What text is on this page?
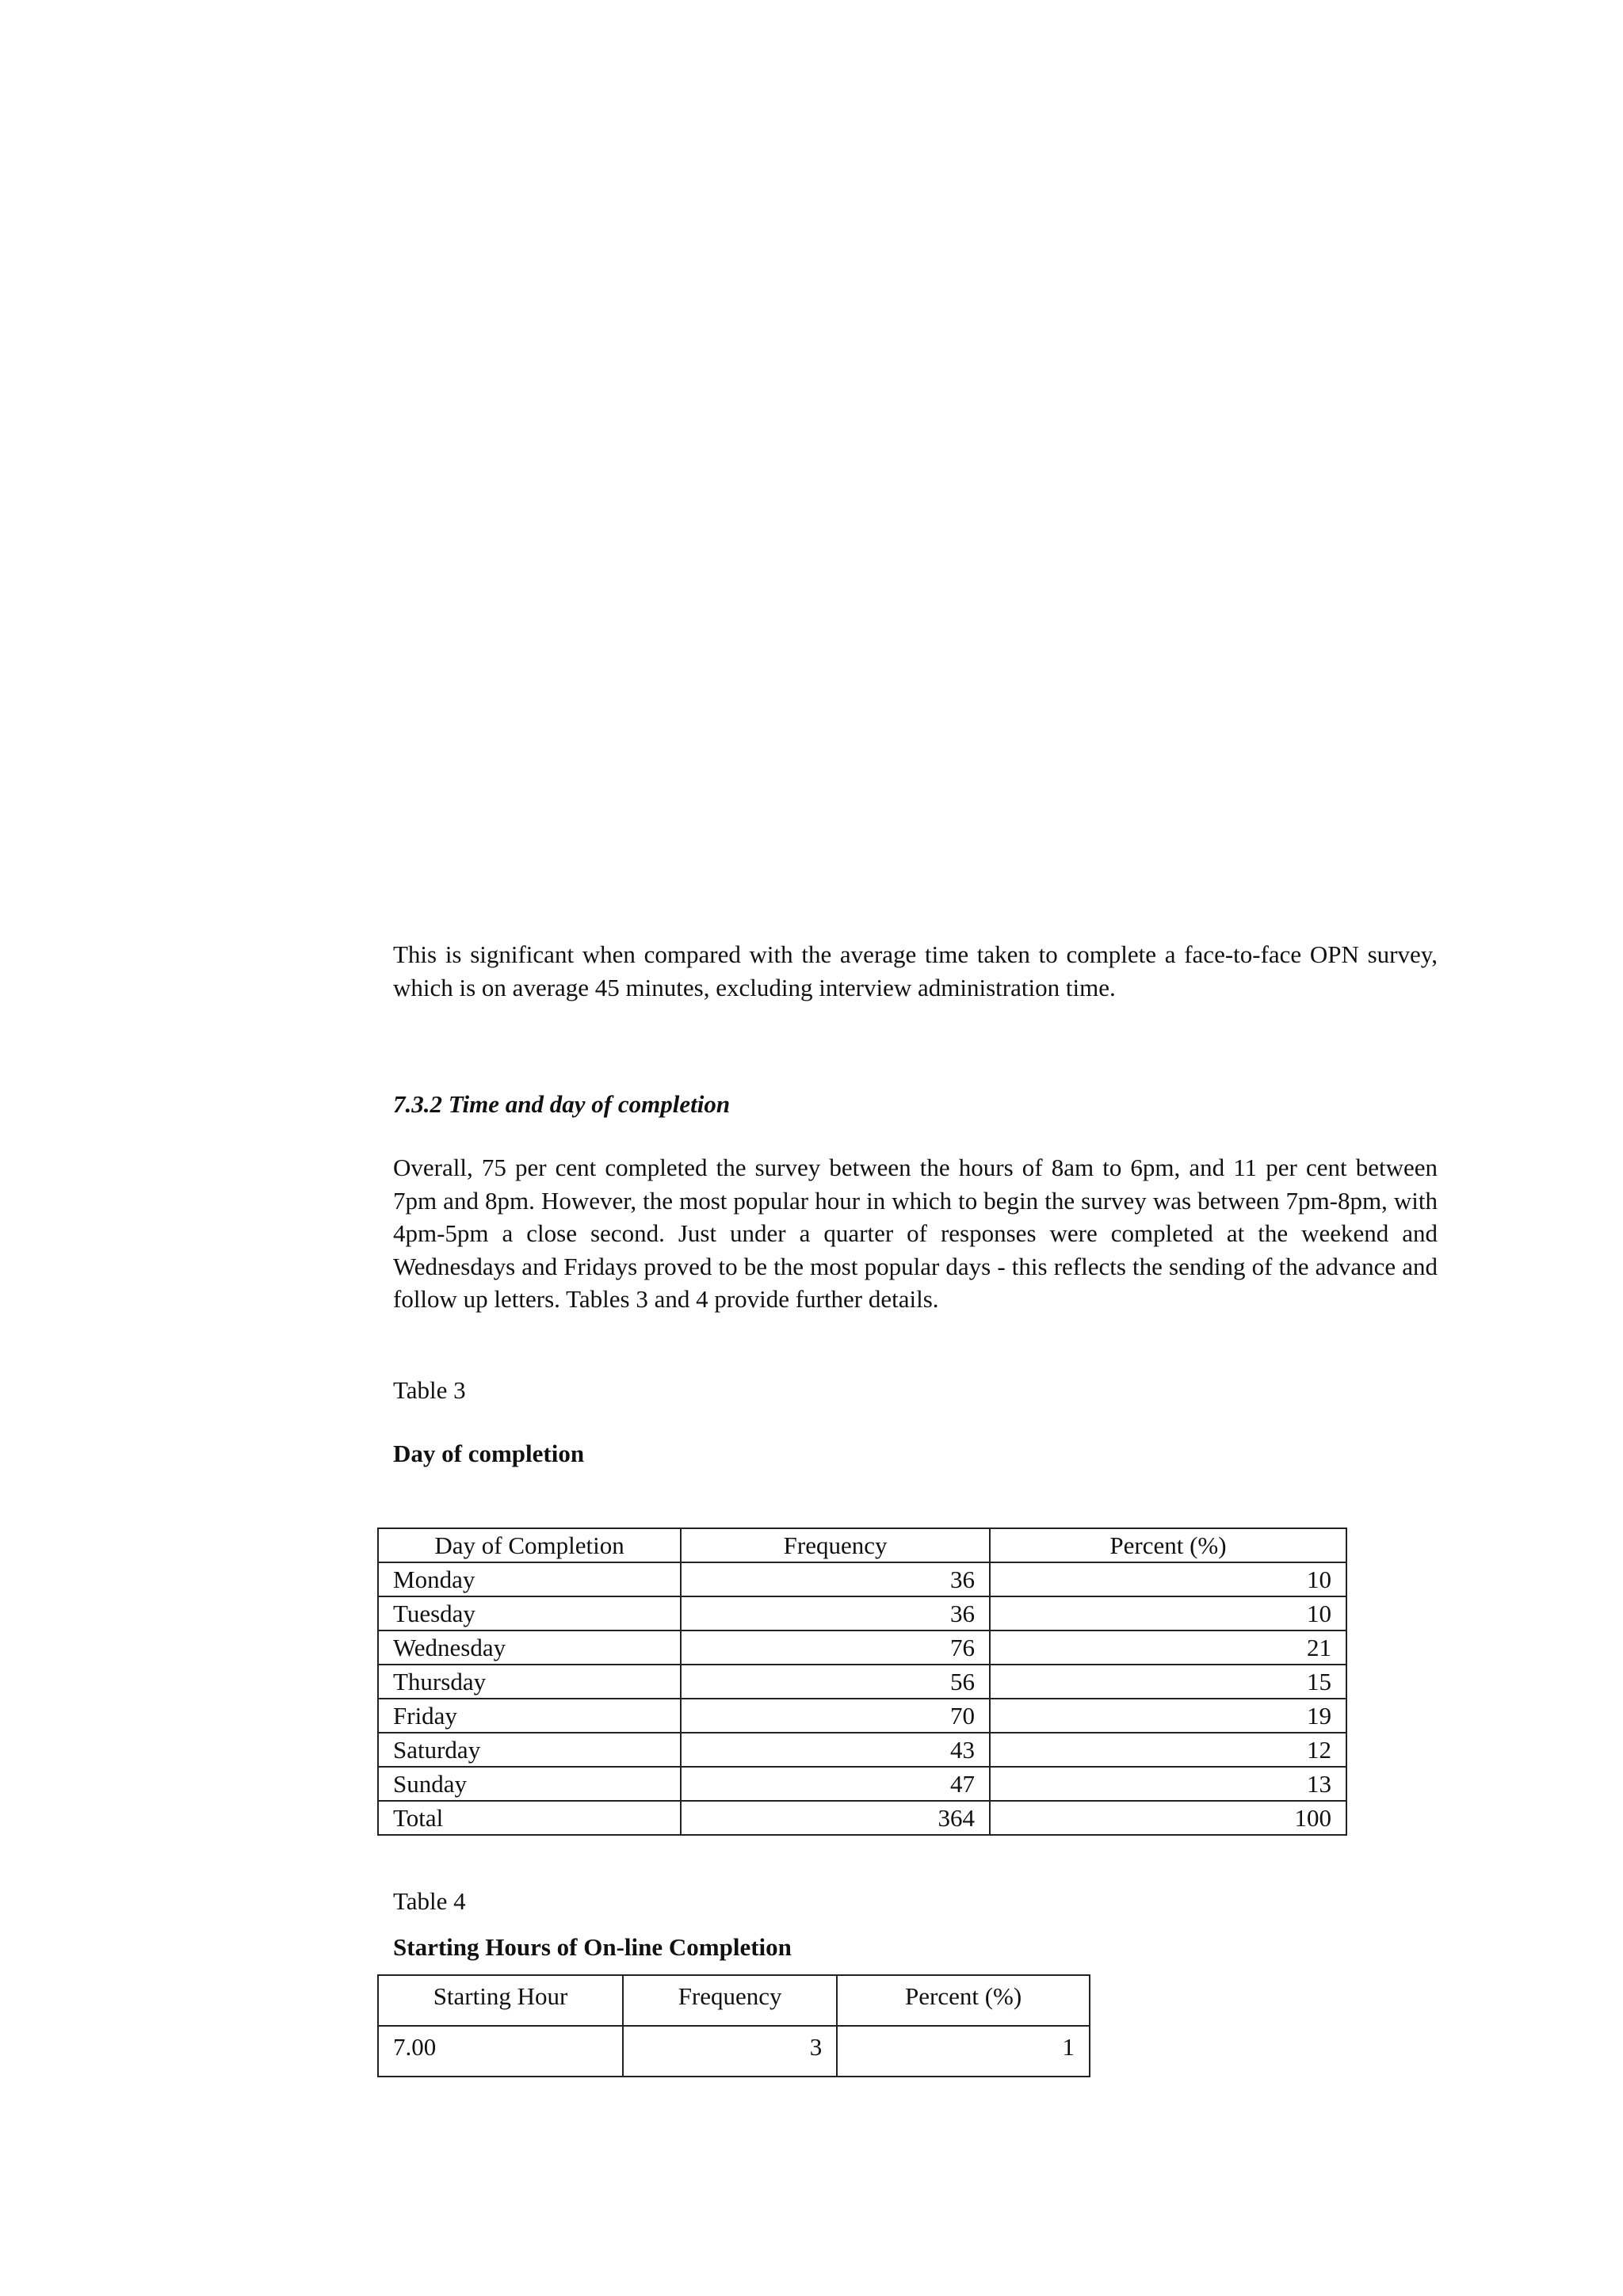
This is significant when compared with the average time taken to complete a face-to-face OPN survey, which is on average 45 minutes, excluding interview administration time.

7.3.2 Time and day of completion

Overall, 75 per cent completed the survey between the hours of 8am to 6pm, and 11 per cent between 7pm and 8pm. However, the most popular hour in which to begin the survey was between 7pm-8pm, with 4pm-5pm a close second. Just under a quarter of responses were completed at the weekend and Wednesdays and Fridays proved to be the most popular days - this reflects the sending of the advance and follow up letters. Tables 3 and 4 provide further details.

Table 3

Day of completion

Day of Completion	Frequency	Percent (%)
Monday	36	10
Tuesday	36	10
Wednesday	76	21
Thursday	56	15
Friday	70	19
Saturday	43	12
Sunday	47	13
Total	364	100

Table 4

Starting Hours of On-line Completion

Starting Hour	Frequency	Percent (%)
7.00	3	1
